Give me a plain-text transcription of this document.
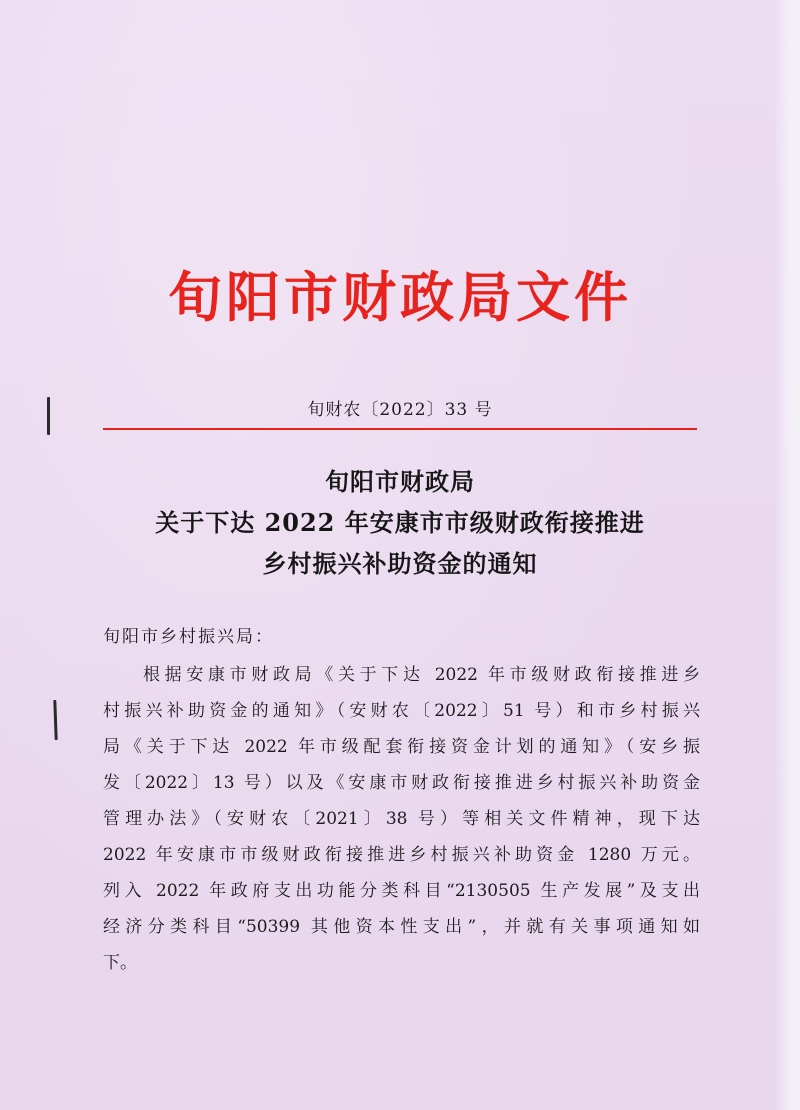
旬阳市财政局文件
旬财农〔2022〕33 号
旬阳市财政局
关于下达 2022 年安康市市级财政衔接推进
乡村振兴补助资金的通知
旬阳市乡村振兴局：
根据安康市财政局《关于下达 2022 年市级财政衔接推进乡
村振兴补助资金的通知》（安财农〔2022〕51 号）和市乡村振兴
局《关于下达 2022 年市级配套衔接资金计划的通知》（安乡振
发〔2022〕13 号）以及《安康市财政衔接推进乡村振兴补助资金
管理办法》（安财农〔2021〕38 号）等相关文件精神，现下达
2022 年安康市市级财政衔接推进乡村振兴补助资金 1280 万元。
列入 2022 年政府支出功能分类科目“2130505 生产发展”及支出
经济分类科目“50399 其他资本性支出”，并就有关事项通知如
下。
